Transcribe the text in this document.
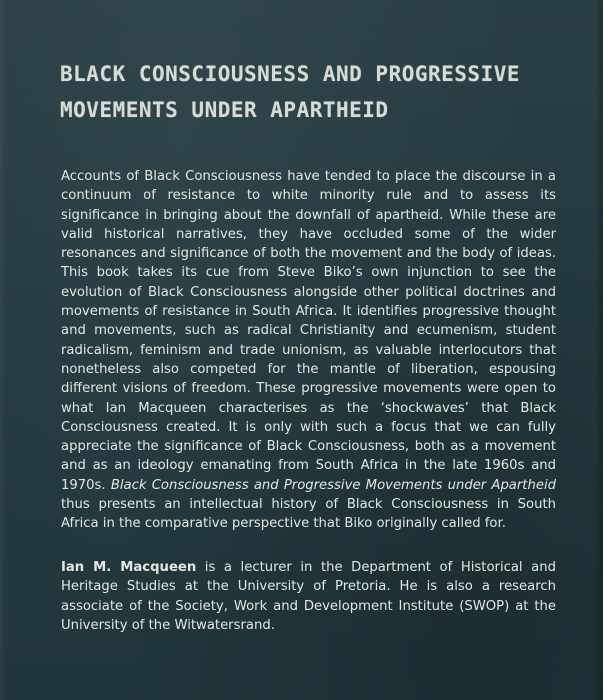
BLACK CONSCIOUSNESS AND PROGRESSIVE
MOVEMENTS UNDER APARTHEID

Accounts of Black Consciousness have tended to place the discourse in a continuum of resistance to white minority rule and to assess its significance in bringing about the downfall of apartheid. While these are valid historical narratives, they have occluded some of the wider resonances and significance of both the movement and the body of ideas. This book takes its cue from Steve Biko’s own injunction to see the evolution of Black Consciousness alongside other political doctrines and movements of resistance in South Africa. It identifies progressive thought and movements, such as radical Christianity and ecumenism, student radicalism, feminism and trade unionism, as valuable interlocutors that nonetheless also competed for the mantle of liberation, espousing different visions of freedom. These progressive movements were open to what Ian Macqueen characterises as the ‘shockwaves’ that Black Consciousness created. It is only with such a focus that we can fully appreciate the significance of Black Consciousness, both as a movement and as an ideology emanating from South Africa in the late 1960s and 1970s. Black Consciousness and Progressive Movements under Apartheid thus presents an intellectual history of Black Consciousness in South Africa in the comparative perspective that Biko originally called for.

Ian M. Macqueen is a lecturer in the Department of Historical and Heritage Studies at the University of Pretoria. He is also a research associate of the Society, Work and Development Institute (SWOP) at the University of the Witwatersrand.
